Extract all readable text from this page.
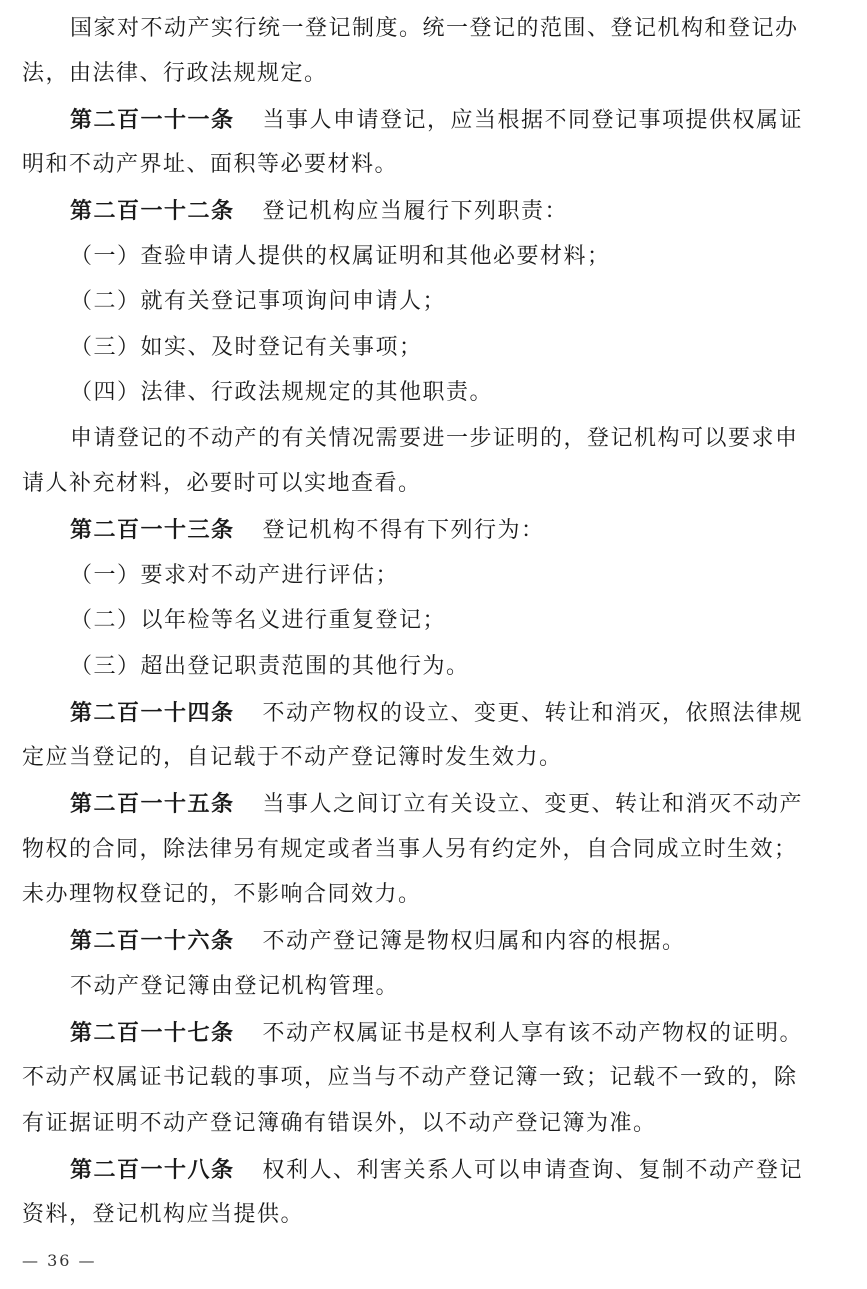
国家对不动产实行统一登记制度。统一登记的范围、登记机构和登记办
法，由法律、行政法规规定。
第二百一十一条 当事人申请登记，应当根据不同登记事项提供权属证
明和不动产界址、面积等必要材料。
第二百一十二条 登记机构应当履行下列职责：
（一）查验申请人提供的权属证明和其他必要材料；
（二）就有关登记事项询问申请人；
（三）如实、及时登记有关事项；
（四）法律、行政法规规定的其他职责。
申请登记的不动产的有关情况需要进一步证明的，登记机构可以要求申
请人补充材料，必要时可以实地查看。
第二百一十三条 登记机构不得有下列行为：
（一）要求对不动产进行评估；
（二）以年检等名义进行重复登记；
（三）超出登记职责范围的其他行为。
第二百一十四条 不动产物权的设立、变更、转让和消灭，依照法律规
定应当登记的，自记载于不动产登记簿时发生效力。
第二百一十五条 当事人之间订立有关设立、变更、转让和消灭不动产
物权的合同，除法律另有规定或者当事人另有约定外，自合同成立时生效；
未办理物权登记的，不影响合同效力。
第二百一十六条 不动产登记簿是物权归属和内容的根据。
不动产登记簿由登记机构管理。
第二百一十七条 不动产权属证书是权利人享有该不动产物权的证明。
不动产权属证书记载的事项，应当与不动产登记簿一致；记载不一致的，除
有证据证明不动产登记簿确有错误外，以不动产登记簿为准。
第二百一十八条 权利人、利害关系人可以申请查询、复制不动产登记
资料，登记机构应当提供。
— 36 —
